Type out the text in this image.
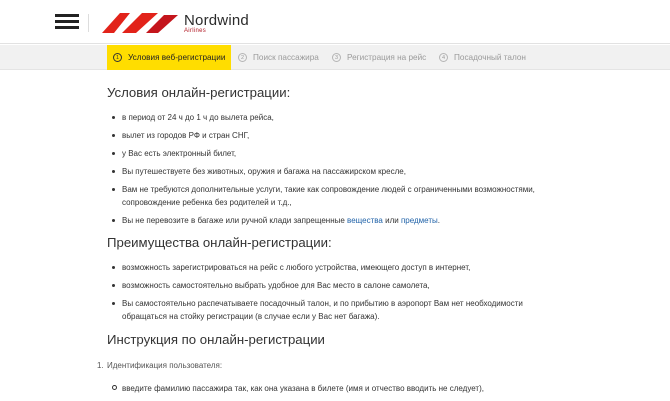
Nordwind
Airlines
1	Условия веб-регистрации	2	Поиск пассажира	3	Регистрация на рейс	4	Посадочный талон
Условия онлайн-регистрации:
в период от 24 ч до 1 ч до вылета рейса,
вылет из городов РФ и стран СНГ,
у Вас есть электронный билет,
Вы путешествуете без животных, оружия и багажа на пассажирском кресле,
Вам не требуются дополнительные услуги, такие как сопровождение людей с ограниченными возможностями, сопровождение ребенка без родителей и т.д.,
Вы не перевозите в багаже или ручной клади запрещенные вещества или предметы.
Преимущества онлайн-регистрации:
возможность зарегистрироваться на рейс с любого устройства, имеющего доступ в интернет,
возможность самостоятельно выбрать удобное для Вас место в салоне самолета,
Вы самостоятельно распечатываете посадочный талон, и по прибытию в аэропорт Вам нет необходимости обращаться на стойку регистрации (в случае если у Вас нет багажа).
Инструкция по онлайн-регистрации
1. Идентификация пользователя:
введите фамилию пассажира так, как она указана в билете (имя и отчество вводить не следует),
